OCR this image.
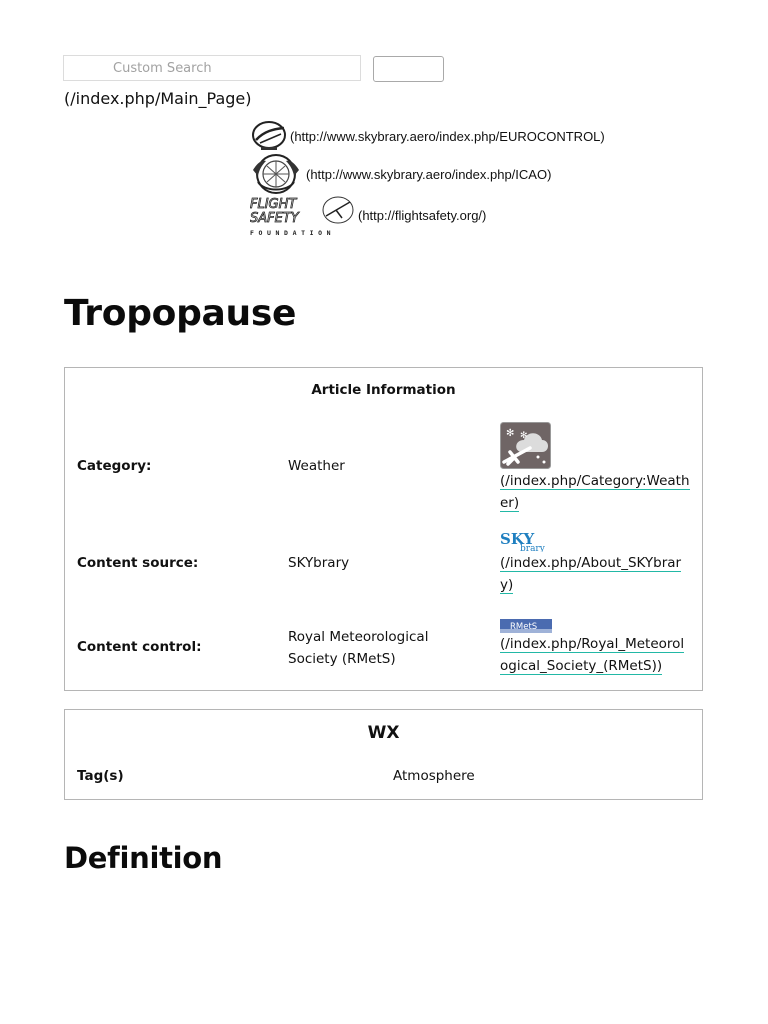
Custom Search
(/index.php/Main_Page)
(http://www.skybrary.aero/index.php/EUROCONTROL)
(http://www.skybrary.aero/index.php/ICAO)
FLIGHT
SAFETY
FOUNDATION
(http://flightsafety.org/)
Tropopause
Article Information
Category:	Weather
✻ ✻
(/index.php/Category:Weather)
Content source:	SKYbrary
SKY
brary
(/index.php/About_SKYbrary)
Content control:
Royal Meteorological Society (RMetS)
RMetS
(/index.php/Royal_Meteorological_Society_(RMetS))
WX
Tag(s)	Atmosphere
Definition
